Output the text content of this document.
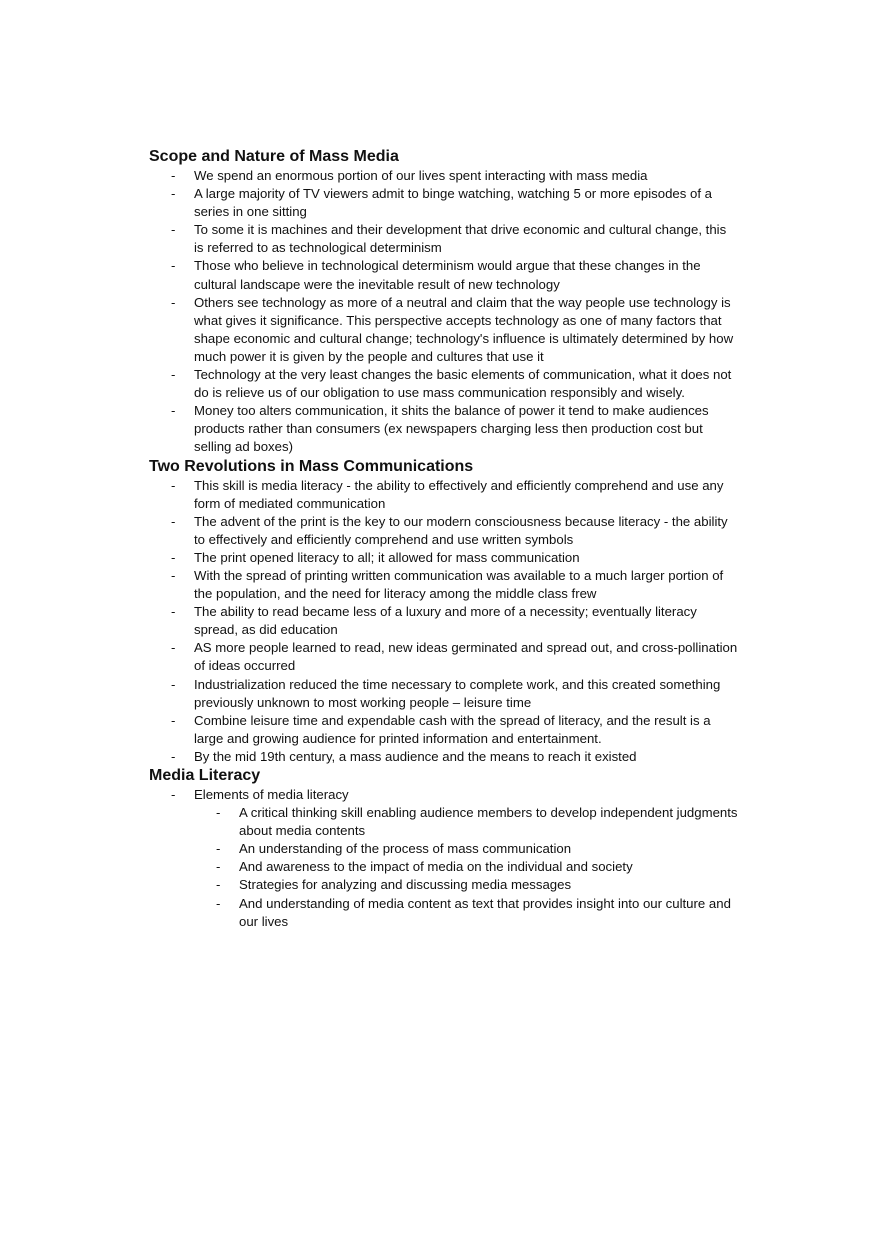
Scope and Nature of Mass Media
- We spend an enormous portion of our lives spent interacting with mass media
- A large majority of TV viewers admit to binge watching, watching 5 or more episodes of a series in one sitting
- To some it is machines and their development that drive economic and cultural change, this is referred to as technological determinism
- Those who believe in technological determinism would argue that these changes in the cultural landscape were the inevitable result of new technology
- Others see technology as more of a neutral and claim that the way people use technology is what gives it significance. This perspective accepts technology as one of many factors that shape economic and cultural change; technology's influence is ultimately determined by how much power it is given by the people and cultures that use it
- Technology at the very least changes the basic elements of communication, what it does not do is relieve us of our obligation to use mass communication responsibly and wisely.
- Money too alters communication, it shits the balance of power it tend to make audiences products rather than consumers (ex newspapers charging less then production cost but selling ad boxes)
Two Revolutions in Mass Communications
- This skill is media literacy - the ability to effectively and efficiently comprehend and use any form of mediated communication
- The advent of the print is the key to our modern consciousness because literacy - the ability to effectively and efficiently comprehend and use written symbols
- The print opened literacy to all; it allowed for mass communication
- With the spread of printing written communication was available to a much larger portion of the population, and the need for literacy among the middle class frew
- The ability to read became less of a luxury and more of a necessity; eventually literacy spread, as did education
- AS more people learned to read, new ideas germinated and spread out, and cross-pollination of ideas occurred
- Industrialization reduced the time necessary to complete work, and this created something previously unknown to most working people – leisure time
- Combine leisure time and expendable cash with the spread of literacy, and the result is a large and growing audience for printed information and entertainment.
- By the mid 19th century, a mass audience and the means to reach it existed
Media Literacy
- Elements of media literacy
-	A critical thinking skill enabling audience members to develop independent judgments about media contents
-	An understanding of the process of mass communication
-	And awareness to the impact of media on the individual and society
-	Strategies for analyzing and discussing media messages
-	And understanding of media content as text that provides insight into our culture and our lives
